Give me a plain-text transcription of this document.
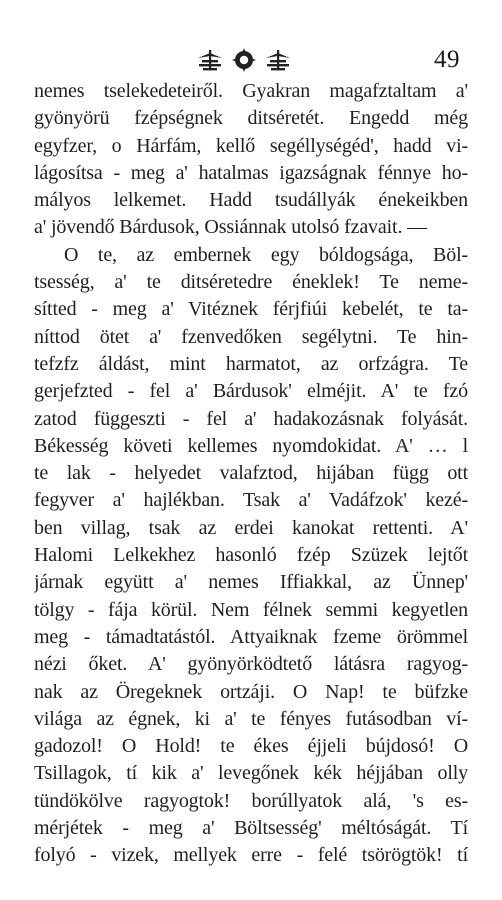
49
nemes tselekedeteiről. Gyakran magafztaltam a'
gyönyörü fzépségnek ditséretét. Engedd még
egyfzer, o Hárfám, kellő segéllységéd', hadd vi-
lágosítsa - meg a' hatalmas igazságnak fénnye ho-
mályos lelkemet. Hadd tsudállyák énekeikben
a' jövendő Bárdusok, Ossiánnak utolsó fzavait. —
O te, az embernek egy bóldogsága, Böl-
tsesség, a' te ditséretedre éneklek! Te neme-
sítted - meg a' Vitéznek férjfiúi kebelét, te ta-
níttod ötet a' fzenvedőken segélytni. Te hin-
tefzfz áldást, mint harmatot, az orfzágra. Te
gerjefzted - fel a' Bárdusok' elméjit. A' te fzó
zatod függeszti - fel a' hadakozásnak folyását.
Békesség követi kellemes nyomdokidat. A' … l
te lak - helyedet valafztod, hijában függ ott
fegyver a' hajlékban. Tsak a' Vadáfzok' kezé-
ben villag, tsak az erdei kanokat rettenti. A'
Halomi Lelkekhez hasonló fzép Szüzek lejtőt
járnak együtt a' nemes Iffiakkal, az Ünnep'
tölgy - fája körül. Nem félnek semmi kegyetlen
meg - támadtatástól. Attyaiknak fzeme örömmel
nézi őket. A' gyönyörködtető látásra ragyog-
nak az Öregeknek ortzáji. O Nap! te büfzke
világa az égnek, ki a' te fényes futásodban ví-
gadozol! O Hold! te ékes éjjeli bújdosó! O
Tsillagok, tí kik a' levegőnek kék héjjában olly
tündökölve ragyogtok! borúllyatok alá, 's es-
mérjétek - meg a' Böltsesség' méltóságát. Tí
folyó - vizek, mellyek erre - felé tsörögtök! tí
